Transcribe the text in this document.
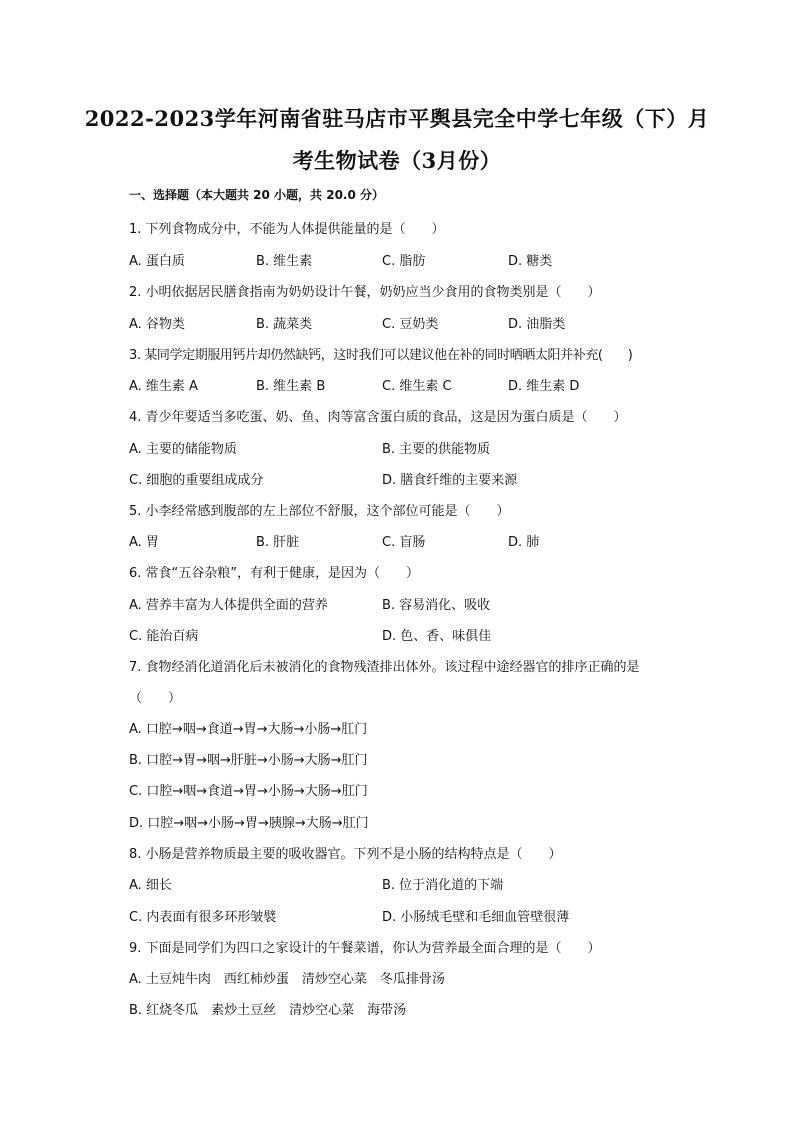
2022-2023学年河南省驻马店市平舆县完全中学七年级（下）月
考生物试卷（3月份）
一、选择题（本大题共 20 小题，共 20.0 分）
1. 下列食物成分中，不能为人体提供能量的是（　　）
A. 蛋白质	B. 维生素	C. 脂肪	D. 糖类
2. 小明依据居民膳食指南为奶奶设计午餐，奶奶应当少食用的食物类别是（　　）
A. 谷物类	B. 蔬菜类	C. 豆奶类	D. 油脂类
3. 某同学定期服用钙片却仍然缺钙，这时我们可以建议他在补的同时晒晒太阳并补充(　　)
A. 维生素 A	B. 维生素 B	C. 维生素 C	D. 维生素 D
4. 青少年要适当多吃蛋、奶、鱼、肉等富含蛋白质的食品，这是因为蛋白质是（　　）
A. 主要的储能物质	B. 主要的供能物质
C. 细胞的重要组成成分	D. 膳食纤维的主要来源
5. 小李经常感到腹部的左上部位不舒服，这个部位可能是（　　）
A. 胃	B. 肝脏	C. 盲肠	D. 肺
6. 常食“五谷杂粮”，有利于健康，是因为（　　）
A. 营养丰富为人体提供全面的营养	B. 容易消化、吸收
C. 能治百病	D. 色、香、味俱佳
7. 食物经消化道消化后未被消化的食物残渣排出体外。该过程中途经器官的排序正确的是
（　　）
A. 口腔→咽→食道→胃→大肠→小肠→肛门
B. 口腔→胃→咽→肝脏→小肠→大肠→肛门
C. 口腔→咽→食道→胃→小肠→大肠→肛门
D. 口腔→咽→小肠→胃→胰腺→大肠→肛门
8. 小肠是营养物质最主要的吸收器官。下列不是小肠的结构特点是（　　）
A. 细长	B. 位于消化道的下端
C. 内表面有很多环形皱襞	D. 小肠绒毛壁和毛细血管壁很薄
9. 下面是同学们为四口之家设计的午餐菜谱，你认为营养最全面合理的是（　　）
A. 土豆炖牛肉　西红柿炒蛋　清炒空心菜　冬瓜排骨汤
B. 红烧冬瓜　素炒土豆丝　清炒空心菜　海带汤
